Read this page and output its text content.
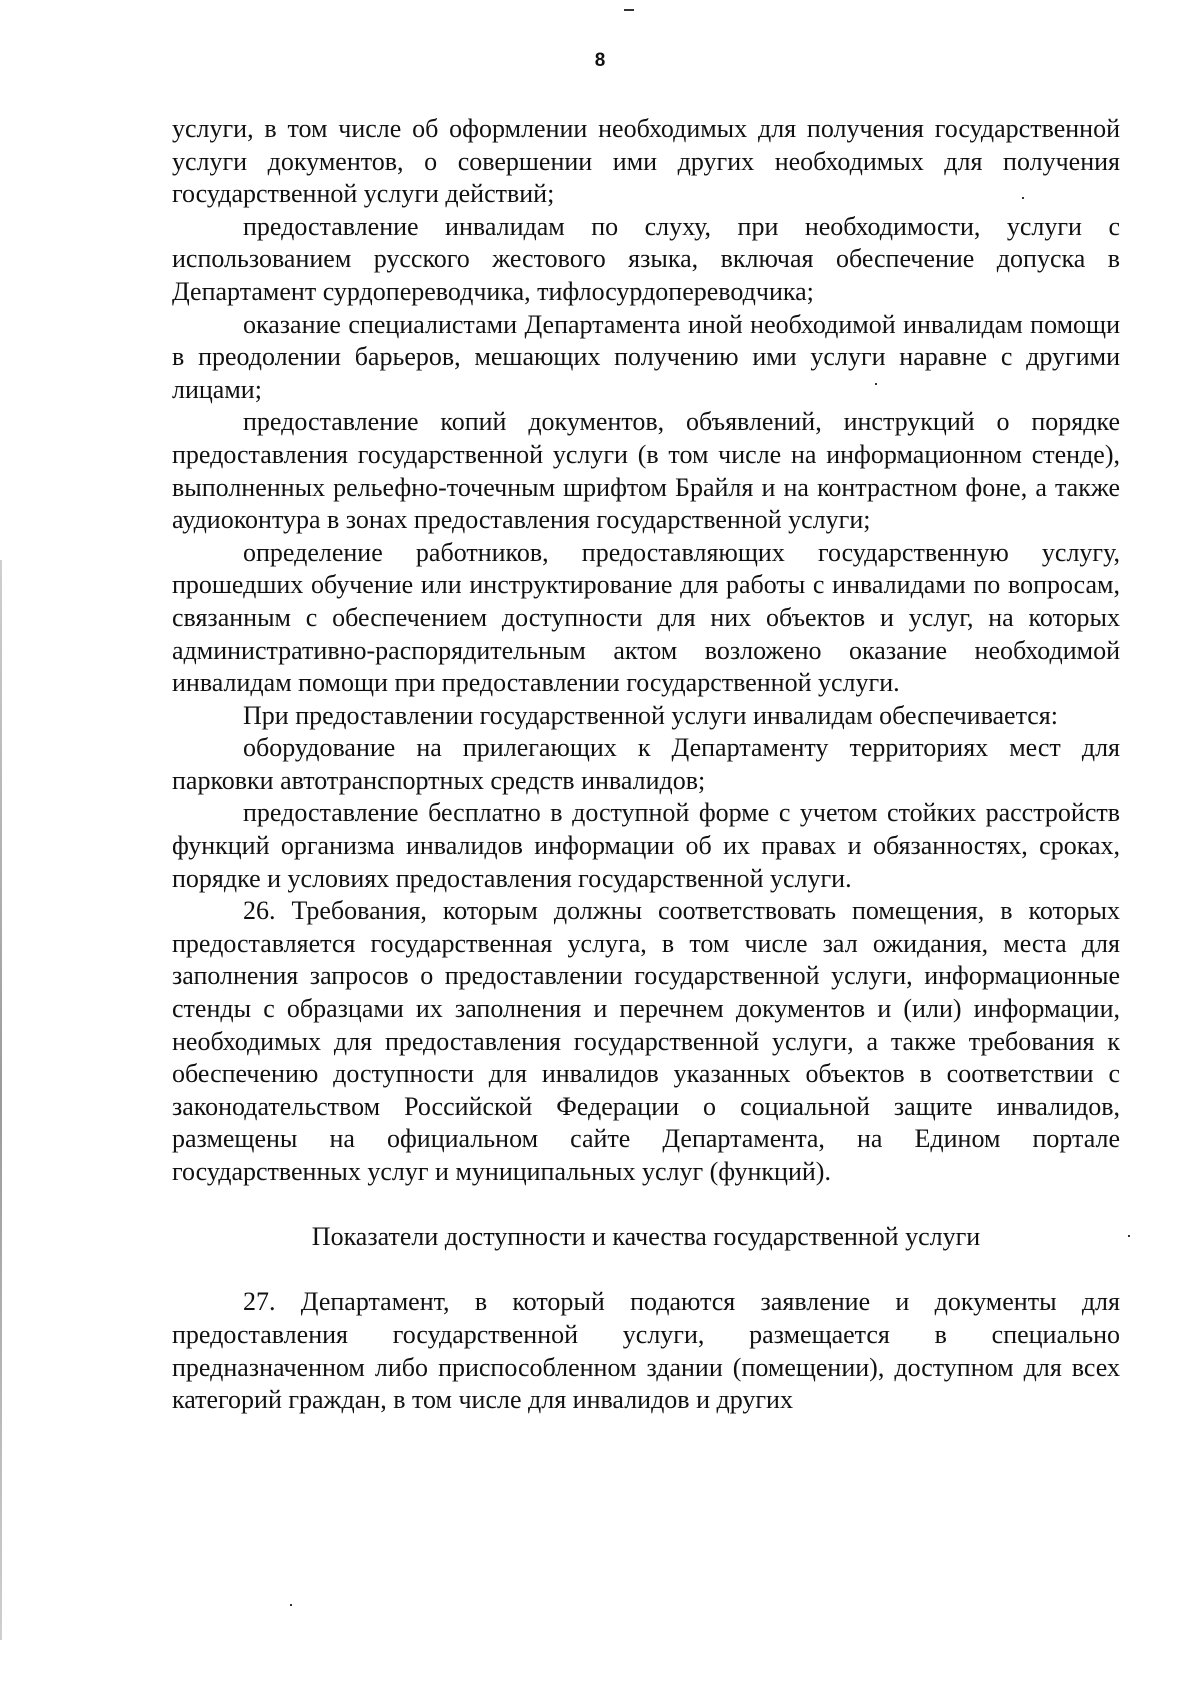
8

услуги, в том числе об оформлении необходимых для получения государственной услуги документов, о совершении ими других необходимых для получения государственной услуги действий;

предоставление инвалидам по слуху, при необходимости, услуги с использованием русского жестового языка, включая обеспечение допуска в Департамент сурдопереводчика, тифлосурдопереводчика;

оказание специалистами Департамента иной необходимой инвалидам помощи в преодолении барьеров, мешающих получению ими услуги наравне с другими лицами;

предоставление копий документов, объявлений, инструкций о порядке предоставления государственной услуги (в том числе на информационном стенде), выполненных рельефно-точечным шрифтом Брайля и на контрастном фоне, а также аудиоконтура в зонах предоставления государственной услуги;

определение работников, предоставляющих государственную услугу, прошедших обучение или инструктирование для работы с инвалидами по вопросам, связанным с обеспечением доступности для них объектов и услуг, на которых административно-распорядительным актом возложено оказание необходимой инвалидам помощи при предоставлении государственной услуги.

При предоставлении государственной услуги инвалидам обеспечивается:

оборудование на прилегающих к Департаменту территориях мест для парковки автотранспортных средств инвалидов;

предоставление бесплатно в доступной форме с учетом стойких расстройств функций организма инвалидов информации об их правах и обязанностях, сроках, порядке и условиях предоставления государственной услуги.

26. Требования, которым должны соответствовать помещения, в которых предоставляется государственная услуга, в том числе зал ожидания, места для заполнения запросов о предоставлении государственной услуги, информационные стенды с образцами их заполнения и перечнем документов и (или) информации, необходимых для предоставления государственной услуги, а также требования к обеспечению доступности для инвалидов указанных объектов в соответствии с законодательством Российской Федерации о социальной защите инвалидов, размещены на официальном сайте Департамента, на Едином портале государственных услуг и муниципальных услуг (функций).

Показатели доступности и качества государственной услуги

27. Департамент, в который подаются заявление и документы для предоставления государственной услуги, размещается в специально предназначенном либо приспособленном здании (помещении), доступном для всех категорий граждан, в том числе для инвалидов и других
